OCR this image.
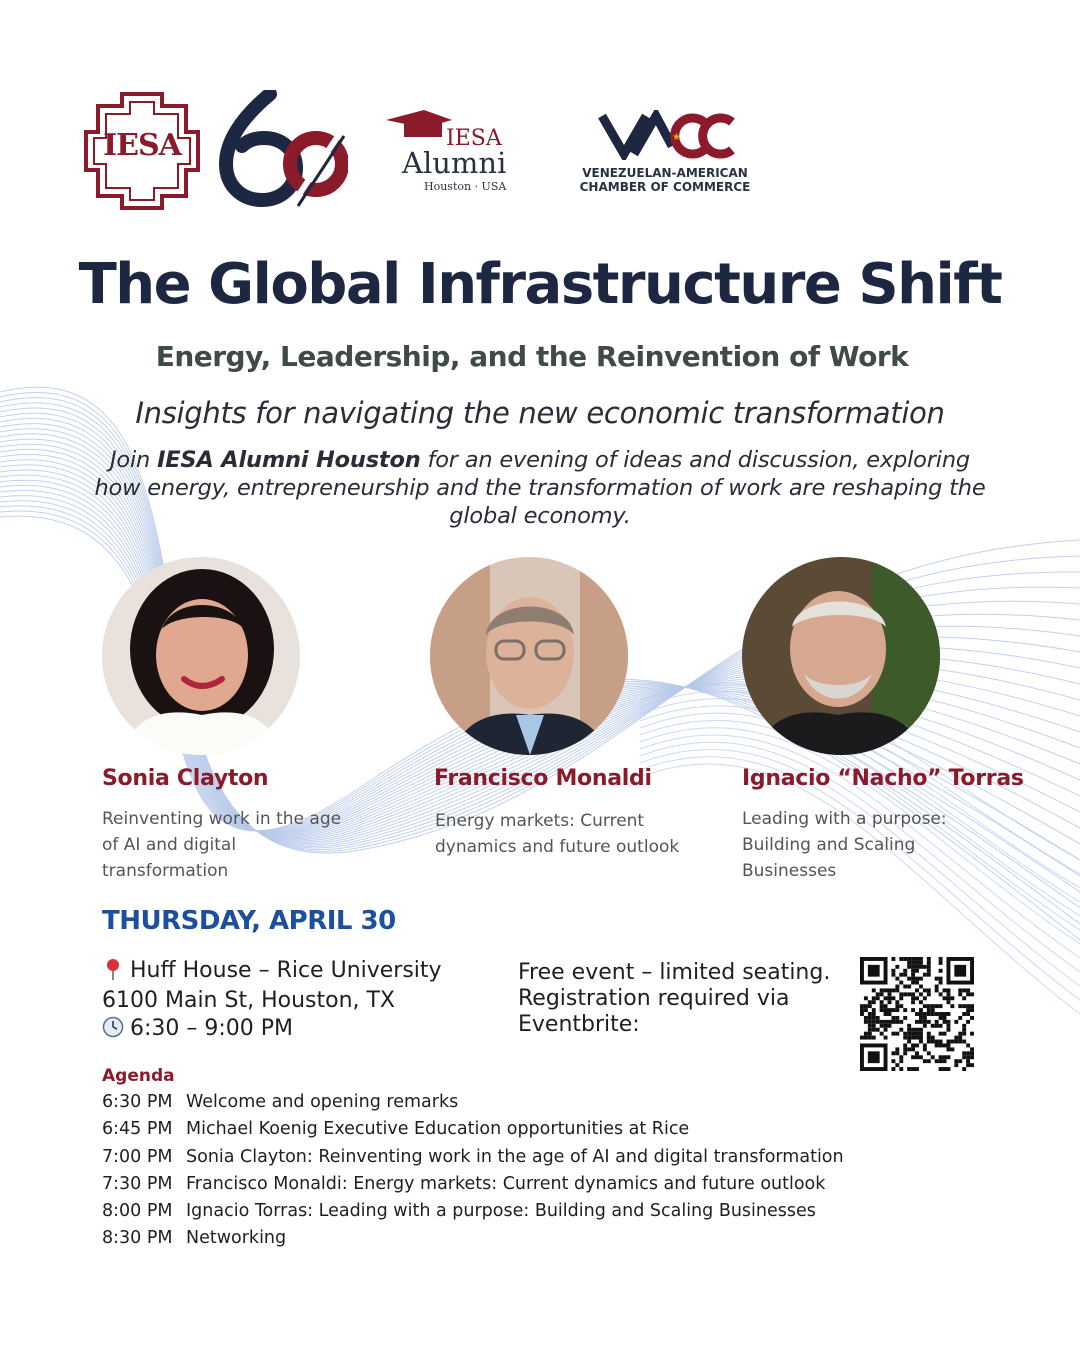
IESA	IESA
Alumni
Houston · USA
★
VENEZUELAN-AMERICAN
CHAMBER OF COMMERCE
The Global Infrastructure Shift
Energy, Leadership, and the Reinvention of Work
Insights for navigating the new economic transformation
Join IESA Alumni Houston for an evening of ideas and discussion, exploring how energy, entrepreneurship and the transformation of work are reshaping the global economy.
Sonia Clayton
Reinventing work in the age of AI and digital transformation
Francisco Monaldi
Energy markets: Current dynamics and future outlook
Ignacio “Nacho” Torras
Leading with a purpose: Building and Scaling Businesses
THURSDAY, APRIL 30
Huff House – Rice University
6100 Main St, Houston, TX
6:30 – 9:00 PM
Free event – limited seating. Registration required via Eventbrite:
Agenda
6:30 PM Welcome and opening remarks
6:45 PM Michael Koenig Executive Education opportunities at Rice
7:00 PM Sonia Clayton: Reinventing work in the age of AI and digital transformation
7:30 PM Francisco Monaldi: Energy markets: Current dynamics and future outlook
8:00 PM Ignacio Torras: Leading with a purpose: Building and Scaling Businesses
8:30 PM Networking
